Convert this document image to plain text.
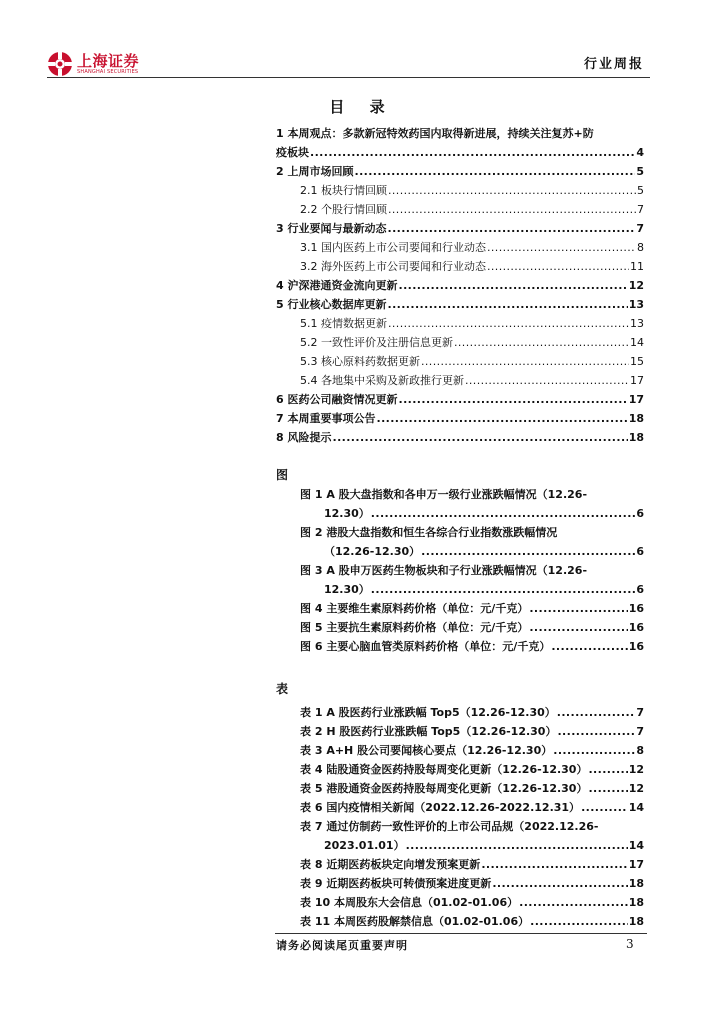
上海证券
SHANGHAI SECURITIES	行业周报
目 录
1 本周观点：多款新冠特效药国内取得新进展，持续关注复苏+防
疫板块 .....	4
2 上周市场回顾 .....	5
2.1 板块行情回顾 .....	5
2.2 个股行情回顾 .....	7
3 行业要闻与最新动态 .....	7
3.1 国内医药上市公司要闻和行业动态 .....	8
3.2 海外医药上市公司要闻和行业动态 .....	11
4 沪深港通资金流向更新 .....	12
5 行业核心数据库更新 .....	13
5.1 疫情数据更新 .....	13
5.2 一致性评价及注册信息更新 .....	14
5.3 核心原料药数据更新 .....	15
5.4 各地集中采购及新政推行更新 .....	17
6 医药公司融资情况更新 .....	17
7 本周重要事项公告 .....	18
8 风险提示 .....	18
图
图 1 A 股大盘指数和各申万一级行业涨跌幅情况（12.26-
12.30） .....	6
图 2 港股大盘指数和恒生各综合行业指数涨跌幅情况
（12.26-12.30） .....	6
图 3 A 股申万医药生物板块和子行业涨跌幅情况（12.26-
12.30） .....	6
图 4 主要维生素原料药价格（单位：元/千克） .....	16
图 5 主要抗生素原料药价格（单位：元/千克） .....	16
图 6 主要心脑血管类原料药价格（单位：元/千克） .....	16
表
表 1 A 股医药行业涨跌幅 Top5（12.26-12.30） .....	7
表 2 H 股医药行业涨跌幅 Top5（12.26-12.30） .....	7
表 3 A+H 股公司要闻核心要点（12.26-12.30） .....	8
表 4 陆股通资金医药持股每周变化更新（12.26-12.30） .....	12
表 5 港股通资金医药持股每周变化更新（12.26-12.30） .....	12
表 6 国内疫情相关新闻（2022.12.26-2022.12.31） .....	14
表 7 通过仿制药一致性评价的上市公司品规（2022.12.26-
2023.01.01） .....	14
表 8 近期医药板块定向增发预案更新 .....	17
表 9 近期医药板块可转债预案进度更新 .....	18
表 10 本周股东大会信息（01.02-01.06） .....	18
表 11 本周医药股解禁信息（01.02-01.06） .....	18
请务必阅读尾页重要声明	3
